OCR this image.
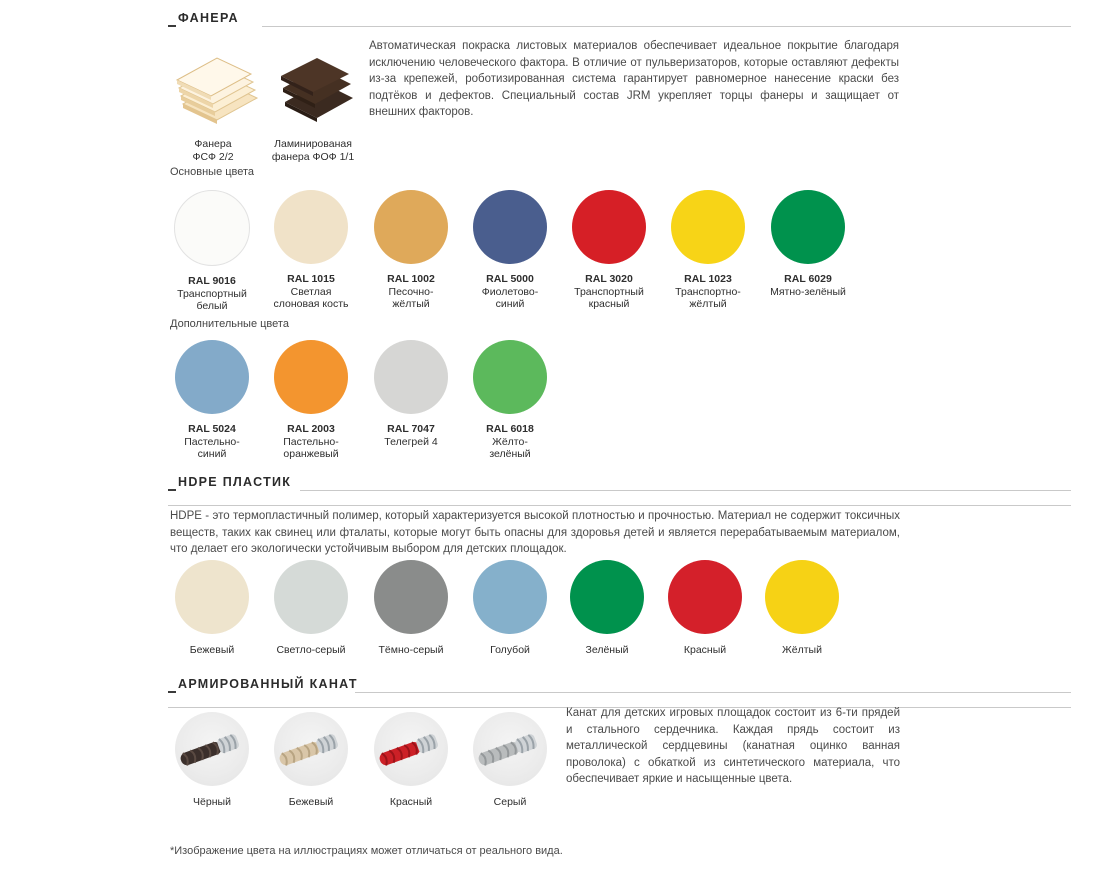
ФАНЕРА
Фанера
ФСФ 2/2
Ламинированая
фанера ФОФ 1/1
Автоматическая покраска листовых материалов обеспечивает идеальное покрытие благодаря исключению человеческого фактора. В отличие от пульверизаторов, которые оставляют дефекты из-за крепежей, роботизированная система гарантирует равномерное нанесение краски без подтёков и дефектов. Специальный состав JRM укрепляет торцы фанеры и защищает от внешних факторов.
Основные цвета
RAL 9016
Транспортный
белый
RAL 1015
Светлая
слоновая кость
RAL 1002
Песочно-
жёлтый
RAL 5000
Фиолетово-
синий
RAL 3020
Транспортный
красный
RAL 1023
Транспортно-
жёлтый
RAL 6029
Мятно-зелёный
Дополнительные цвета
RAL 5024
Пастельно-
синий
RAL 2003
Пастельно-
оранжевый
RAL 7047
Телегрей 4
RAL 6018
Жёлто-
зелёный
HDPE ПЛАСТИК
HDPE - это термопластичный полимер, который характеризуется высокой плотностью и прочностью. Материал не содержит токсичных веществ, таких как свинец или фталаты, которые могут быть опасны для здоровья детей и является перерабатываемым материалом, что делает его экологически устойчивым выбором для детских площадок.
Бежевый	Светло-серый	Тёмно-серый	Голубой	Зелёный	Красный	Жёлтый
АРМИРОВАННЫЙ КАНАТ
Канат для детских игровых площадок состоит из 6-ти прядей и стального сердечника. Каждая прядь состоит из металлической сердцевины (канатная оцинко ванная проволока) с обкаткой из синтетического материала, что обеспечивает яркие и насыщенные цвета.
Чёрный	Бежевый	Красный	Серый
*Изображение цвета на иллюстрациях может отличаться от реального вида.
